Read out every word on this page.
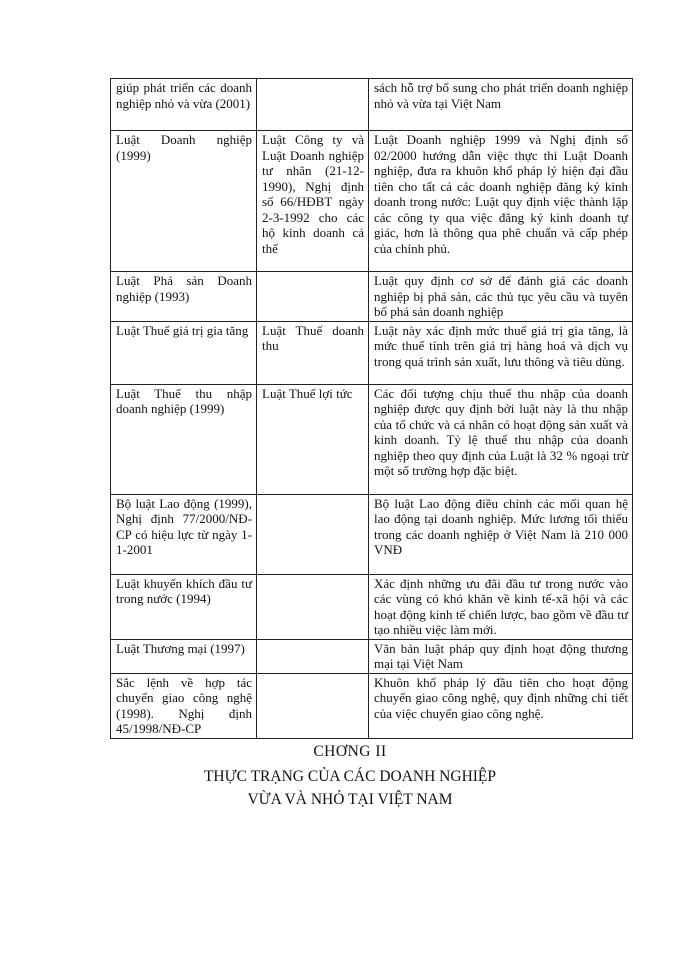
giúp phát triển các doanh nghiệp nhỏ và vừa (2001)		sách hỗ trợ bổ sung cho phát triển doanh nghiệp nhỏ và vừa tại Việt Nam
Luật Doanh nghiệp (1999)	Luật Công ty và Luật Doanh nghiệp tư nhân (21-12-1990), Nghị định số 66/HĐBT ngày 2-3-1992 cho các hộ kinh doanh cá thể	Luật Doanh nghiệp 1999 và Nghị định số 02/2000 hướng dẫn việc thực thi Luật Doanh nghiệp, đưa ra khuôn khổ pháp lý hiện đại đầu tiên cho tất cả các doanh nghiệp đăng ký kinh doanh trong nước: Luật quy định việc thành lập các công ty qua việc đăng ký kinh doanh tự giác, hơn là thông qua phê chuẩn và cấp phép của chính phủ.
Luật Phá sản Doanh nghiệp (1993)		Luật quy định cơ sở để đánh giá các doanh nghiệp bị phá sản, các thủ tục yêu cầu và tuyên bố phá sản doanh nghiệp
Luật Thuế giá trị gia tăng	Luật Thuế doanh thu	Luật này xác định mức thuế giá trị gia tăng, là mức thuế tính trên giá trị hàng hoá và dịch vụ trong quá trình sản xuất, lưu thông và tiêu dùng.
Luật Thuế thu nhập doanh nghiệp (1999)	Luật Thuế lợi tức	Các đối tượng chịu thuế thu nhập của doanh nghiệp được quy định bởi luật này là thu nhập của tổ chức và cá nhân có hoạt động sản xuất và kinh doanh. Tỷ lệ thuế thu nhập của doanh nghiệp theo quy định của Luật là 32 % ngoại trừ một số trường hợp đặc biệt.
Bộ luật Lao động (1999), Nghị định 77/2000/NĐ-CP có hiệu lực từ ngày 1-1-2001		Bộ luật Lao động điều chỉnh các mối quan hệ lao động tại doanh nghiệp. Mức lương tối thiểu trong các doanh nghiệp ở Việt Nam là 210 000 VNĐ
Luật khuyến khích đầu tư trong nước (1994)		Xác định những ưu đãi đầu tư trong nước vào các vùng có khó khăn về kinh tế-xã hội và các hoạt động kinh tế chiến lược, bao gồm về đầu tư tạo nhiều việc làm mới.
Luật Thương mại (1997)		Văn bản luật pháp quy định hoạt động thương mại tại Việt Nam
Sắc lệnh về hợp tác chuyển giao công nghệ (1998). Nghị định 45/1998/NĐ-CP		Khuôn khổ pháp lý đầu tiên cho hoạt động chuyển giao công nghệ, quy định những chi tiết của việc chuyển giao công nghệ.
CHƠNG II
THỰC TRẠNG CỦA CÁC DOANH NGHIỆP
VỪA VÀ NHỎ TẠI VIỆT NAM
